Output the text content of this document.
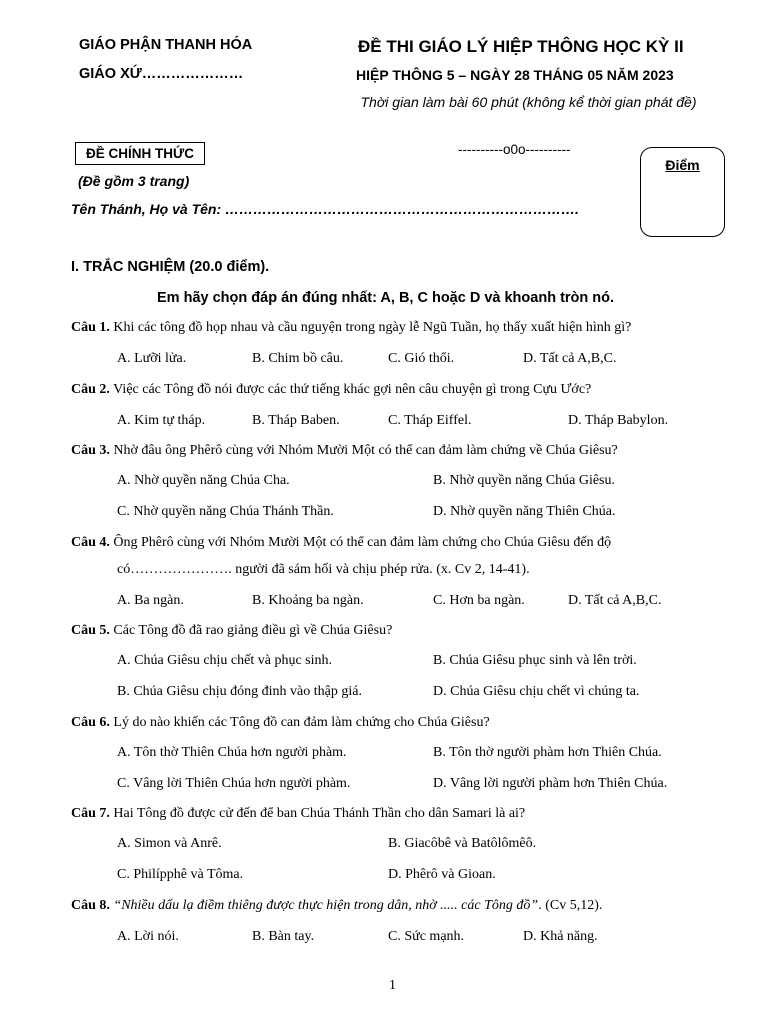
GIÁO PHẬN THANH HÓA
GIÁO XỨ…………………
ĐỀ THI GIÁO LÝ HIỆP THÔNG HỌC KỲ II
HIỆP THÔNG 5 – NGÀY 28 THÁNG 05 NĂM 2023
Thời gian làm bài 60 phút (không kể thời gian phát đề)
----------o0o----------
ĐỀ CHÍNH THỨC
(Đề gồm 3 trang)
Tên Thánh, Họ và Tên: ………………………………………………………………….
Điểm
I. TRẮC NGHIỆM (20.0 điểm).
Em hãy chọn đáp án đúng nhất: A, B, C hoặc D và khoanh tròn nó.
Câu 1. Khi các tông đồ họp nhau và cầu nguyện trong ngày lễ Ngũ Tuần, họ thấy xuất hiện hình gì?
A. Lưỡi lửa.	B. Chim bồ câu.	C. Gió thổi.	D. Tất cả A,B,C.
Câu 2. Việc các Tông đồ nói được các thứ tiếng khác gợi nên câu chuyện gì trong Cựu Ước?
A. Kim tự tháp.	B. Tháp Baben.	C. Tháp Eiffel.	D. Tháp Babylon.
Câu 3. Nhờ đâu ông Phêrô cùng với Nhóm Mười Một có thể can đảm làm chứng về Chúa Giêsu?
A. Nhờ quyền năng Chúa Cha.	B. Nhờ quyền năng Chúa Giêsu.
C. Nhờ quyền năng Chúa Thánh Thần.	D. Nhờ quyền năng Thiên Chúa.
Câu 4. Ông Phêrô cùng với Nhóm Mười Một có thể can đảm làm chứng cho Chúa Giêsu đến độ
có…………………. người đã sám hối và chịu phép rửa. (x. Cv 2, 14-41).
A. Ba ngàn.	B. Khoảng ba ngàn.	C. Hơn ba ngàn.	D. Tất cả A,B,C.
Câu 5. Các Tông đồ đã rao giảng điều gì về Chúa Giêsu?
A. Chúa Giêsu chịu chết và phục sinh.	B. Chúa Giêsu phục sinh và lên trời.
B. Chúa Giêsu chịu đóng đinh vào thập giá.	D. Chúa Giêsu chịu chết vì chúng ta.
Câu 6. Lý do nào khiến các Tông đồ can đảm làm chứng cho Chúa Giêsu?
A. Tôn thờ Thiên Chúa hơn người phàm.	B. Tôn thờ người phàm hơn Thiên Chúa.
C. Vâng lời Thiên Chúa hơn người phàm.	D. Vâng lời người phàm hơn Thiên Chúa.
Câu 7. Hai Tông đồ được cử đến để ban Chúa Thánh Thần cho dân Samari là ai?
A. Simon và Anrê.	B. Giacôbê và Batôlômêô.
C. Philípphê và Tôma.	D. Phêrô và Gioan.
Câu 8. “Nhiều dấu lạ điềm thiêng được thực hiện trong dân, nhờ ..... các Tông đồ”. (Cv 5,12).
A. Lời nói.	B. Bàn tay.	C. Sức mạnh.	D. Khả năng.
1
